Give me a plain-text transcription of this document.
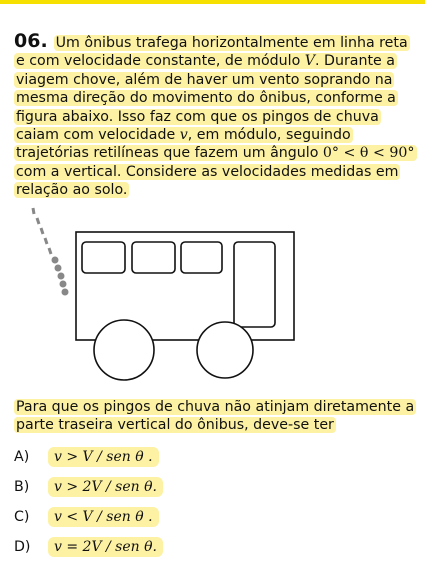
06. Um ônibus trafega horizontalmente em linha reta e com velocidade constante, de módulo V. Durante a viagem chove, além de haver um vento soprando na mesma direção do movimento do ônibus, conforme a figura abaixo. Isso faz com que os pingos de chuva caiam com velocidade v, em módulo, seguindo trajetórias retilíneas que fazem um ângulo 0° < θ < 90° com a vertical. Considere as velocidades medidas em relação ao solo.
Para que os pingos de chuva não atinjam diretamente a parte traseira vertical do ônibus, deve-se ter
A)	v > V / sen θ .
B)	v > 2V / sen θ.
C)	v < V / sen θ .
D)	v = 2V / sen θ.
